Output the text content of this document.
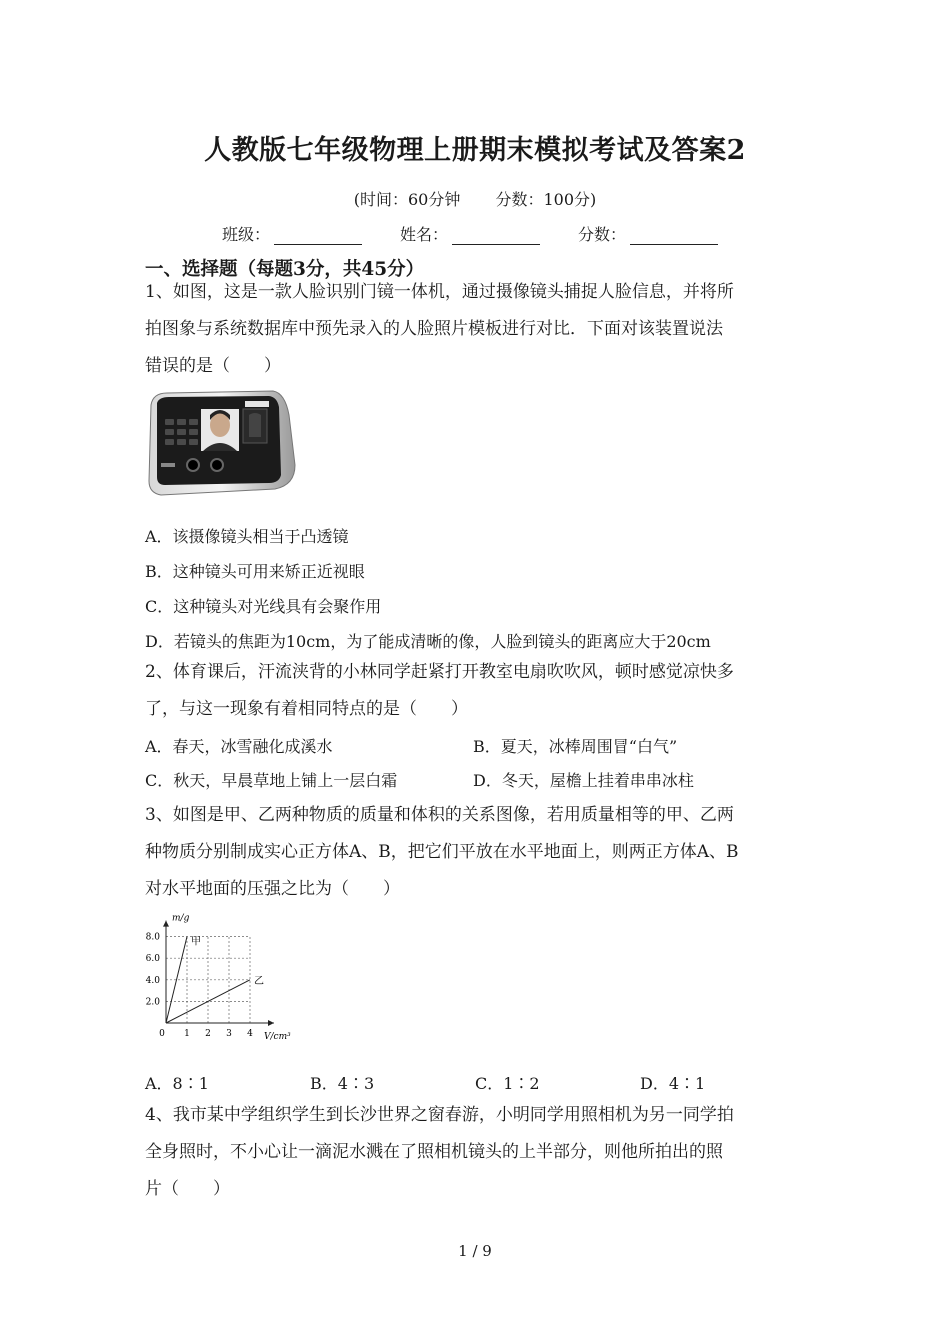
人教版七年级物理上册期末模拟考试及答案2
(时间：60分钟 分数：100分)
班级：	姓名：	分数：
一、选择题（每题3分，共45分）
1、如图，这是一款人脸识别门镜一体机，通过摄像镜头捕捉人脸信息，并将所
拍图象与系统数据库中预先录入的人脸照片模板进行对比．下面对该装置说法
错误的是（　　）
A．该摄像镜头相当于凸透镜
B．这种镜头可用来矫正近视眼
C．这种镜头对光线具有会聚作用
D．若镜头的焦距为10cm，为了能成清晰的像，人脸到镜头的距离应大于20cm
2、体育课后，汗流浃背的小林同学赶紧打开教室电扇吹吹风，顿时感觉凉快多
了，与这一现象有着相同特点的是（　　）
A．春天，冰雪融化成溪水	B．夏天，冰棒周围冒“白气”
C．秋天，早晨草地上铺上一层白霜	D．冬天，屋檐上挂着串串冰柱
3、如图是甲、乙两种物质的质量和体积的关系图像，若用质量相等的甲、乙两
种物质分别制成实心正方体A、B，把它们平放在水平地面上，则两正方体A、B
对水平地面的压强之比为（　　）
0 1 2 3 4
2.0
4.0
6.0
8.0
m/g
V/cm³
甲
乙
A．8∶1	B．4∶3	C．1∶2	D．4∶1
4、我市某中学组织学生到长沙世界之窗春游，小明同学用照相机为另一同学拍
全身照时，不小心让一滴泥水溅在了照相机镜头的上半部分，则他所拍出的照
片（　　）
1 / 9
